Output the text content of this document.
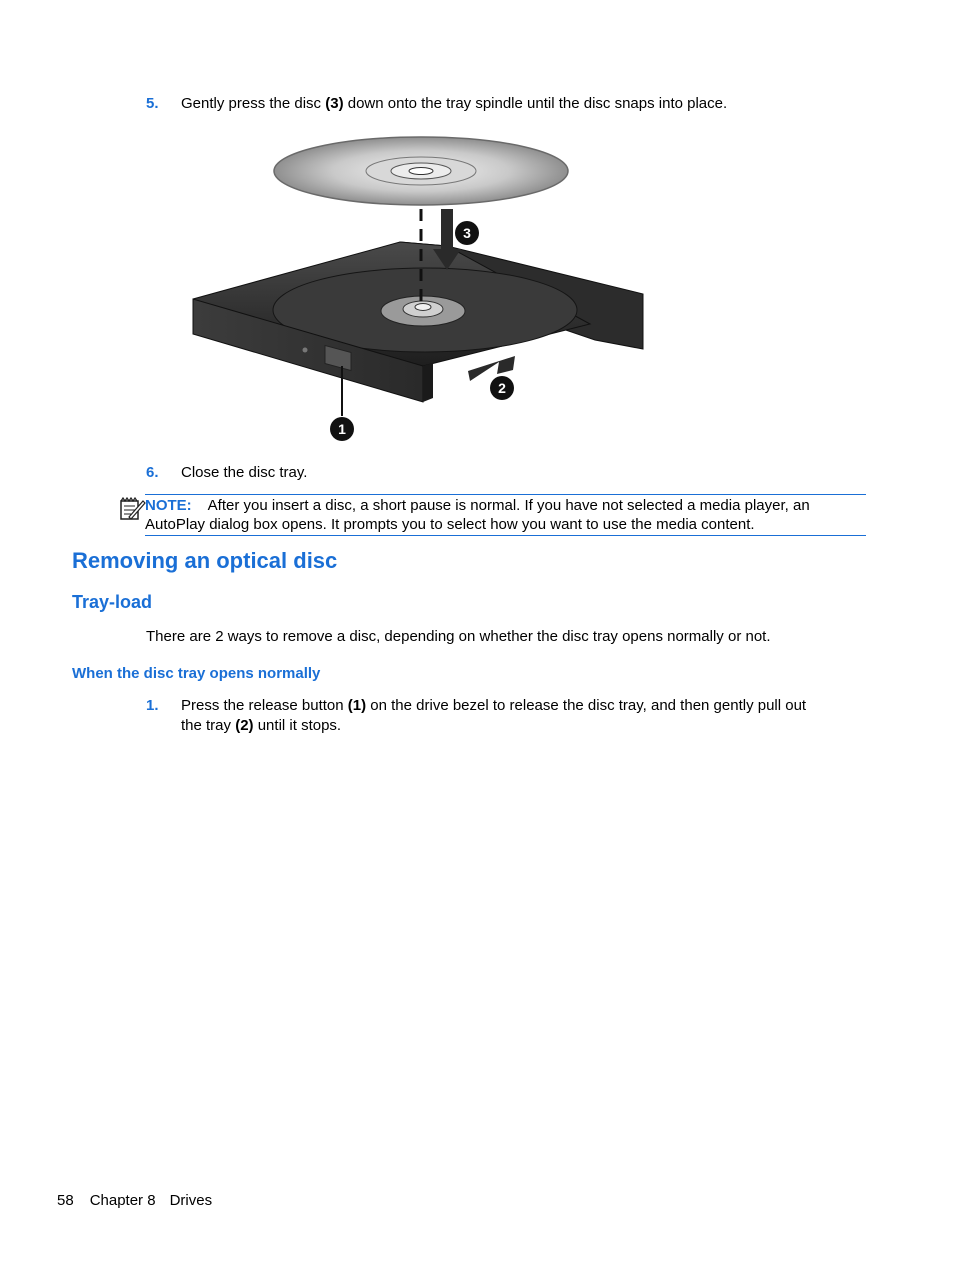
5. Gently press the disc (3) down onto the tray spindle until the disc snaps into place.
3
2
1
6. Close the disc tray.
NOTE: After you insert a disc, a short pause is normal. If you have not selected a media player, an
AutoPlay dialog box opens. It prompts you to select how you want to use the media content.
Removing an optical disc
Tray-load
There are 2 ways to remove a disc, depending on whether the disc tray opens normally or not.
When the disc tray opens normally
1. Press the release button (1) on the drive bezel to release the disc tray, and then gently pull out
the tray (2) until it stops.
58 Chapter 8 Drives
